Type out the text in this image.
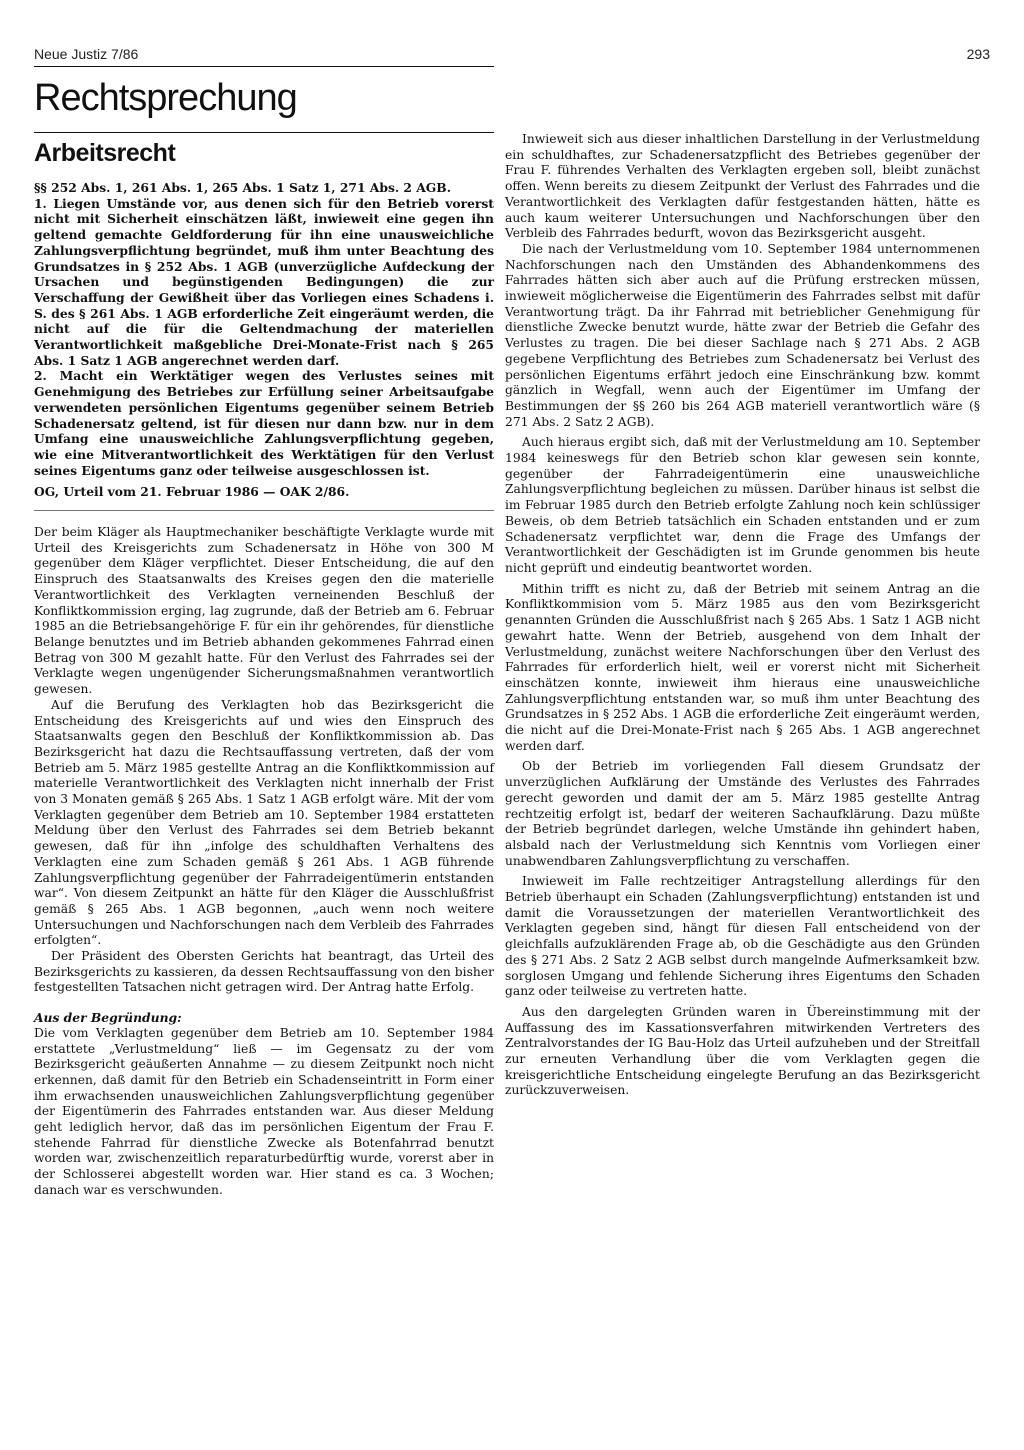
Neue Justiz 7/86	293
Rechtsprechung
Arbeitsrecht

§§ 252 Abs. 1, 261 Abs. 1, 265 Abs. 1 Satz 1, 271 Abs. 2 AGB.

1. Liegen Umstände vor, aus denen sich für den Betrieb vorerst nicht mit Sicherheit einschätzen läßt, inwieweit eine gegen ihn geltend gemachte Geldforderung für ihn eine unausweichliche Zahlungsverpflichtung begründet, muß ihm unter Beachtung des Grundsatzes in § 252 Abs. 1 AGB (unverzügliche Aufdeckung der Ursachen und begünstigenden Bedingungen) die zur Verschaffung der Gewißheit über das Vorliegen eines Schadens i. S. des § 261 Abs. 1 AGB erforderliche Zeit eingeräumt werden, die nicht auf die für die Geltendmachung der materiellen Verantwortlichkeit maßgebliche Drei-Monate-Frist nach § 265 Abs. 1 Satz 1 AGB angerechnet werden darf.

2. Macht ein Werktätiger wegen des Verlustes seines mit Genehmigung des Betriebes zur Erfüllung seiner Arbeitsaufgabe verwendeten persönlichen Eigentums gegenüber seinem Betrieb Schadenersatz geltend, ist für diesen nur dann bzw. nur in dem Umfang eine unausweichliche Zahlungsverpflichtung gegeben, wie eine Mitverantwortlichkeit des Werktätigen für den Verlust seines Eigentums ganz oder teilweise ausgeschlossen ist.

OG, Urteil vom 21. Februar 1986 — OAK 2/86.

Der beim Kläger als Hauptmechaniker beschäftigte Verklagte wurde mit Urteil des Kreisgerichts zum Schadenersatz in Höhe von 300 M gegenüber dem Kläger verpflichtet. Dieser Entscheidung, die auf den Einspruch des Staatsanwalts des Kreises gegen den die materielle Verantwortlichkeit des Verklagten verneinenden Beschluß der Konfliktkommission erging, lag zugrunde, daß der Betrieb am 6. Februar 1985 an die Betriebsangehörige F. für ein ihr gehörendes, für dienstliche Belange benutztes und im Betrieb abhanden gekommenes Fahrrad einen Betrag von 300 M gezahlt hatte. Für den Verlust des Fahrrades sei der Verklagte wegen ungenügender Sicherungsmaßnahmen verantwortlich gewesen.

Auf die Berufung des Verklagten hob das Bezirksgericht die Entscheidung des Kreisgerichts auf und wies den Einspruch des Staatsanwalts gegen den Beschluß der Konfliktkommission ab. Das Bezirksgericht hat dazu die Rechtsauffassung vertreten, daß der vom Betrieb am 5. März 1985 gestellte Antrag an die Konfliktkommission auf materielle Verantwortlichkeit des Verklagten nicht innerhalb der Frist von 3 Monaten gemäß § 265 Abs. 1 Satz 1 AGB erfolgt wäre. Mit der vom Verklagten gegenüber dem Betrieb am 10. September 1984 erstatteten Meldung über den Verlust des Fahrrades sei dem Betrieb bekannt gewesen, daß für ihn „infolge des schuldhaften Verhaltens des Verklagten eine zum Schaden gemäß § 261 Abs. 1 AGB führende Zahlungsverpflichtung gegenüber der Fahrradeigentümerin entstanden war“. Von diesem Zeitpunkt an hätte für den Kläger die Ausschlußfrist gemäß § 265 Abs. 1 AGB begonnen, „auch wenn noch weitere Untersuchungen und Nachforschungen nach dem Verbleib des Fahrrades erfolgten“.

Der Präsident des Obersten Gerichts hat beantragt, das Urteil des Bezirksgerichts zu kassieren, da dessen Rechtsauffassung von den bisher festgestellten Tatsachen nicht getragen wird. Der Antrag hatte Erfolg.

Aus der Begründung:

Die vom Verklagten gegenüber dem Betrieb am 10. September 1984 erstattete „Verlustmeldung“ ließ — im Gegensatz zu der vom Bezirksgericht geäußerten Annahme — zu diesem Zeitpunkt noch nicht erkennen, daß damit für den Betrieb ein Schadenseintritt in Form einer ihm erwachsenden unausweichlichen Zahlungsverpflichtung gegenüber der Eigentümerin des Fahrrades entstanden war. Aus dieser Meldung geht lediglich hervor, daß das im persönlichen Eigentum der Frau F. stehende Fahrrad für dienstliche Zwecke als Botenfahrrad benutzt worden war, zwischenzeitlich reparaturbedürftig wurde, vorerst aber in der Schlosserei abgestellt worden war. Hier stand es ca. 3 Wochen; danach war es verschwunden.

Inwieweit sich aus dieser inhaltlichen Darstellung in der Verlustmeldung ein schuldhaftes, zur Schadenersatzpflicht des Betriebes gegenüber der Frau F. führendes Verhalten des Verklagten ergeben soll, bleibt zunächst offen. Wenn bereits zu diesem Zeitpunkt der Verlust des Fahrrades und die Verantwortlichkeit des Verklagten dafür festgestanden hätten, hätte es auch kaum weiterer Untersuchungen und Nachforschungen über den Verbleib des Fahrrades bedurft, wovon das Bezirksgericht ausgeht.

Die nach der Verlustmeldung vom 10. September 1984 unternommenen Nachforschungen nach den Umständen des Abhandenkommens des Fahrrades hätten sich aber auch auf die Prüfung erstrecken müssen, inwieweit möglicherweise die Eigentümerin des Fahrrades selbst mit dafür Verantwortung trägt. Da ihr Fahrrad mit betrieblicher Genehmigung für dienstliche Zwecke benutzt wurde, hätte zwar der Betrieb die Gefahr des Verlustes zu tragen. Die bei dieser Sachlage nach § 271 Abs. 2 AGB gegebene Verpflichtung des Betriebes zum Schadenersatz bei Verlust des persönlichen Eigentums erfährt jedoch eine Einschränkung bzw. kommt gänzlich in Wegfall, wenn auch der Eigentümer im Umfang der Bestimmungen der §§ 260 bis 264 AGB materiell verantwortlich wäre (§ 271 Abs. 2 Satz 2 AGB).

Auch hieraus ergibt sich, daß mit der Verlustmeldung am 10. September 1984 keineswegs für den Betrieb schon klar gewesen sein konnte, gegenüber der Fahrradeigentümerin eine unausweichliche Zahlungsverpflichtung begleichen zu müssen. Darüber hinaus ist selbst die im Februar 1985 durch den Betrieb erfolgte Zahlung noch kein schlüssiger Beweis, ob dem Betrieb tatsächlich ein Schaden entstanden und er zum Schadenersatz verpflichtet war, denn die Frage des Umfangs der Verantwortlichkeit der Geschädigten ist im Grunde genommen bis heute nicht geprüft und eindeutig beantwortet worden.

Mithin trifft es nicht zu, daß der Betrieb mit seinem Antrag an die Konfliktkommision vom 5. März 1985 aus den vom Bezirksgericht genannten Gründen die Ausschlußfrist nach § 265 Abs. 1 Satz 1 AGB nicht gewahrt hatte. Wenn der Betrieb, ausgehend von dem Inhalt der Verlustmeldung, zunächst weitere Nachforschungen über den Verlust des Fahrrades für erforderlich hielt, weil er vorerst nicht mit Sicherheit einschätzen konnte, inwieweit ihm hieraus eine unausweichliche Zahlungsverpflichtung entstanden war, so muß ihm unter Beachtung des Grundsatzes in § 252 Abs. 1 AGB die erforderliche Zeit eingeräumt werden, die nicht auf die Drei-Monate-Frist nach § 265 Abs. 1 AGB angerechnet werden darf.

Ob der Betrieb im vorliegenden Fall diesem Grundsatz der unverzüglichen Aufklärung der Umstände des Verlustes des Fahrrades gerecht geworden und damit der am 5. März 1985 gestellte Antrag rechtzeitig erfolgt ist, bedarf der weiteren Sachaufklärung. Dazu müßte der Betrieb begründet darlegen, welche Umstände ihn gehindert haben, alsbald nach der Verlustmeldung sich Kenntnis vom Vorliegen einer unabwendbaren Zahlungsverpflichtung zu verschaffen.

Inwieweit im Falle rechtzeitiger Antragstellung allerdings für den Betrieb überhaupt ein Schaden (Zahlungsverpflichtung) entstanden ist und damit die Voraussetzungen der materiellen Verantwortlichkeit des Verklagten gegeben sind, hängt für diesen Fall entscheidend von der gleichfalls aufzuklärenden Frage ab, ob die Geschädigte aus den Gründen des § 271 Abs. 2 Satz 2 AGB selbst durch mangelnde Aufmerksamkeit bzw. sorglosen Umgang und fehlende Sicherung ihres Eigentums den Schaden ganz oder teilweise zu vertreten hatte.

Aus den dargelegten Gründen waren in Übereinstimmung mit der Auffassung des im Kassationsverfahren mitwirkenden Vertreters des Zentralvorstandes der IG Bau-Holz das Urteil aufzuheben und der Streitfall zur erneuten Verhandlung über die vom Verklagten gegen die kreisgerichtliche Entscheidung eingelegte Berufung an das Bezirksgericht zurückzuverweisen.
